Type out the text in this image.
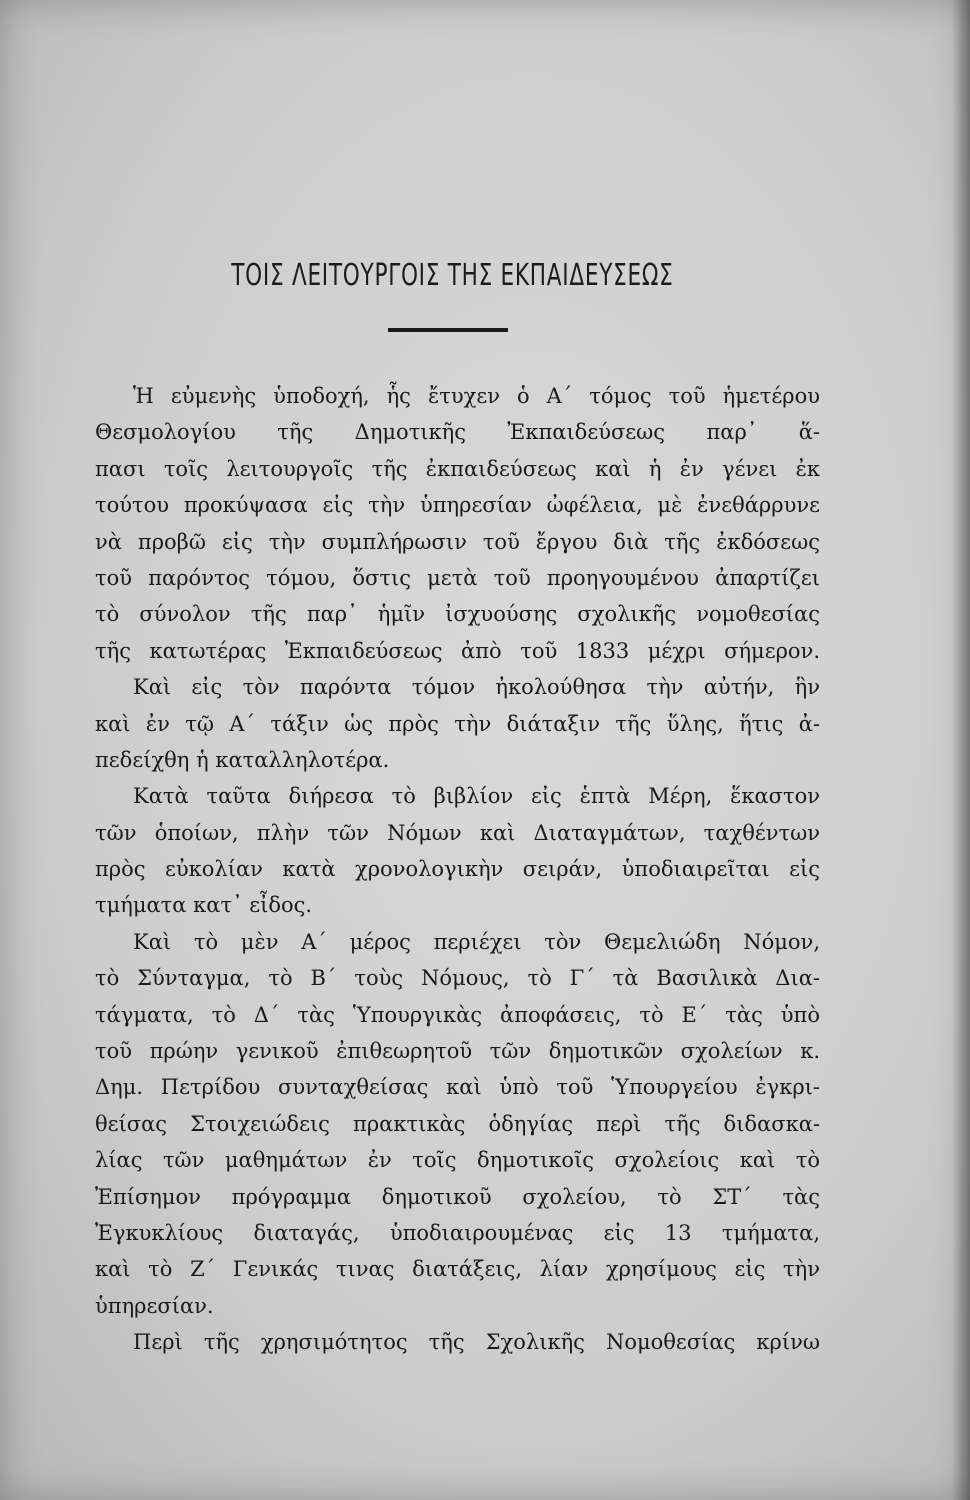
ΤΟΙΣ ΛΕΙΤΟΥΡΓΟΙΣ ΤΗΣ ΕΚΠΑΙΔΕΥΣΕΩΣ
Ἡ εὐμενὴς ὑποδοχή, ἧς ἔτυχεν ὁ Α΄ τόμος τοῦ ἡμετέρου
Θεσμολογίου τῆς Δημοτικῆς Ἐκπαιδεύσεως παρ᾽ ἅ-
πασι τοῖς λειτουργοῖς τῆς ἐκπαιδεύσεως καὶ ἡ ἐν γένει ἐκ
τούτου προκύψασα εἰς τὴν ὑπηρεσίαν ὠφέλεια, μὲ ἐνεθάρρυνε
νὰ προβῶ εἰς τὴν συμπλήρωσιν τοῦ ἔργου διὰ τῆς ἐκδόσεως
τοῦ παρόντος τόμου, ὅστις μετὰ τοῦ προηγουμένου ἀπαρτίζει
τὸ σύνολον τῆς παρ᾽ ἡμῖν ἰσχυούσης σχολικῆς νομοθεσίας
τῆς κατωτέρας Ἐκπαιδεύσεως ἀπὸ τοῦ 1833 μέχρι σήμερον.
Καὶ εἰς τὸν παρόντα τόμον ἠκολούθησα τὴν αὐτήν, ἣν
καὶ ἐν τῷ Α΄ τάξιν ὡς πρὸς τὴν διάταξιν τῆς ὕλης, ἥτις ἀ-
πεδείχθη ἡ καταλληλοτέρα.
Κατὰ ταῦτα διήρεσα τὸ βιβλίον εἰς ἑπτὰ Μέρη, ἕκαστον
τῶν ὁποίων, πλὴν τῶν Νόμων καὶ Διαταγμάτων, ταχθέντων
πρὸς εὐκολίαν κατὰ χρονολογικὴν σειράν, ὑποδιαιρεῖται εἰς
τμήματα κατ᾽ εἶδος.
Καὶ τὸ μὲν Α΄ μέρος περιέχει τὸν Θεμελιώδη Νόμον,
τὸ Σύνταγμα, τὸ Β΄ τοὺς Νόμους, τὸ Γ΄ τὰ Βασιλικὰ Δια-
τάγματα, τὸ Δ΄ τὰς Ὑπουργικὰς ἀποφάσεις, τὸ Ε΄ τὰς ὑπὸ
τοῦ πρώην γενικοῦ ἐπιθεωρητοῦ τῶν δημοτικῶν σχολείων κ.
Δημ. Πετρίδου συνταχθείσας καὶ ὑπὸ τοῦ Ὑπουργείου ἐγκρι-
θείσας Στοιχειώδεις πρακτικὰς ὁδηγίας περὶ τῆς διδασκα-
λίας τῶν μαθημάτων ἐν τοῖς δημοτικοῖς σχολείοις καὶ τὸ
Ἐπίσημον πρόγραμμα δημοτικοῦ σχολείου, τὸ ΣΤ΄ τὰς
Ἐγκυκλίους διαταγάς, ὑποδιαιρουμένας εἰς 13 τμήματα,
καὶ τὸ Ζ΄ Γενικάς τινας διατάξεις, λίαν χρησίμους εἰς τὴν
ὑπηρεσίαν.
Περὶ τῆς χρησιμότητος τῆς Σχολικῆς Νομοθεσίας κρίνω
